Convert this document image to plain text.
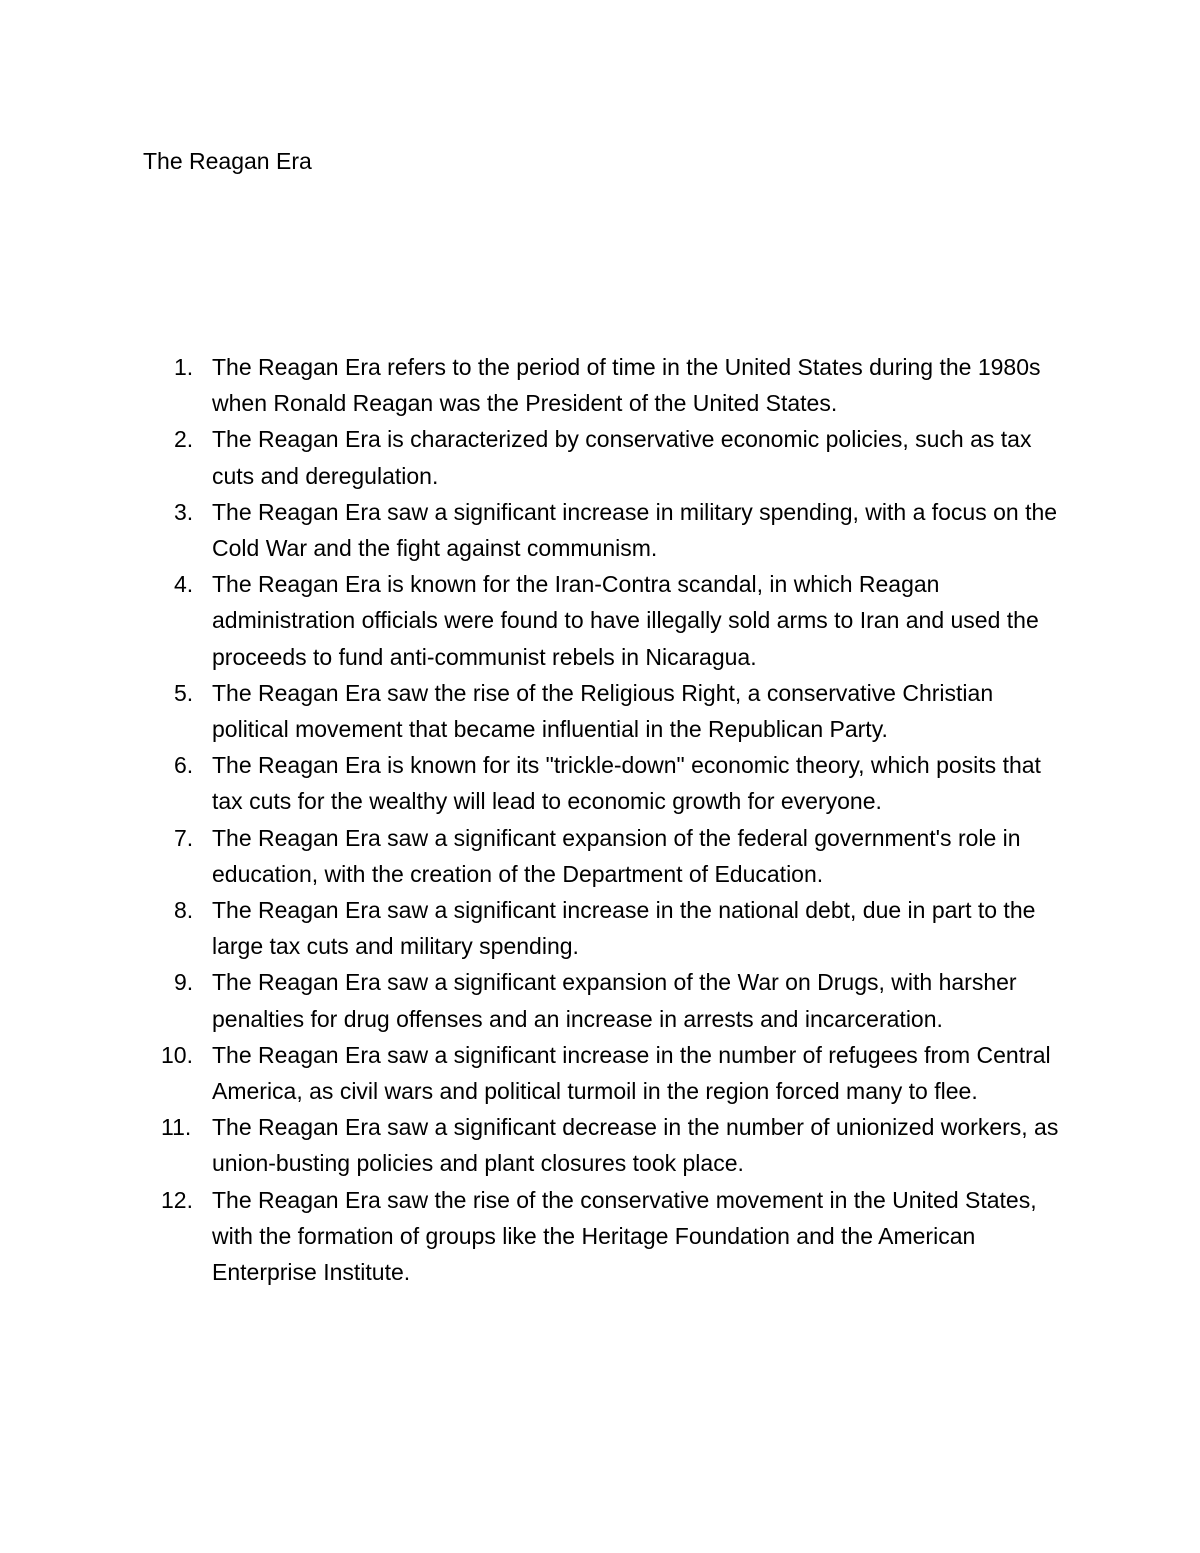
The Reagan Era
1. The Reagan Era refers to the period of time in the United States during the 1980s when Ronald Reagan was the President of the United States.
2. The Reagan Era is characterized by conservative economic policies, such as tax cuts and deregulation.
3. The Reagan Era saw a significant increase in military spending, with a focus on the Cold War and the fight against communism.
4. The Reagan Era is known for the Iran-Contra scandal, in which Reagan administration officials were found to have illegally sold arms to Iran and used the proceeds to fund anti-communist rebels in Nicaragua.
5. The Reagan Era saw the rise of the Religious Right, a conservative Christian political movement that became influential in the Republican Party.
6. The Reagan Era is known for its "trickle-down" economic theory, which posits that tax cuts for the wealthy will lead to economic growth for everyone.
7. The Reagan Era saw a significant expansion of the federal government's role in education, with the creation of the Department of Education.
8. The Reagan Era saw a significant increase in the national debt, due in part to the large tax cuts and military spending.
9. The Reagan Era saw a significant expansion of the War on Drugs, with harsher penalties for drug offenses and an increase in arrests and incarceration.
10. The Reagan Era saw a significant increase in the number of refugees from Central America, as civil wars and political turmoil in the region forced many to flee.
11. The Reagan Era saw a significant decrease in the number of unionized workers, as union-busting policies and plant closures took place.
12. The Reagan Era saw the rise of the conservative movement in the United States, with the formation of groups like the Heritage Foundation and the American Enterprise Institute.
